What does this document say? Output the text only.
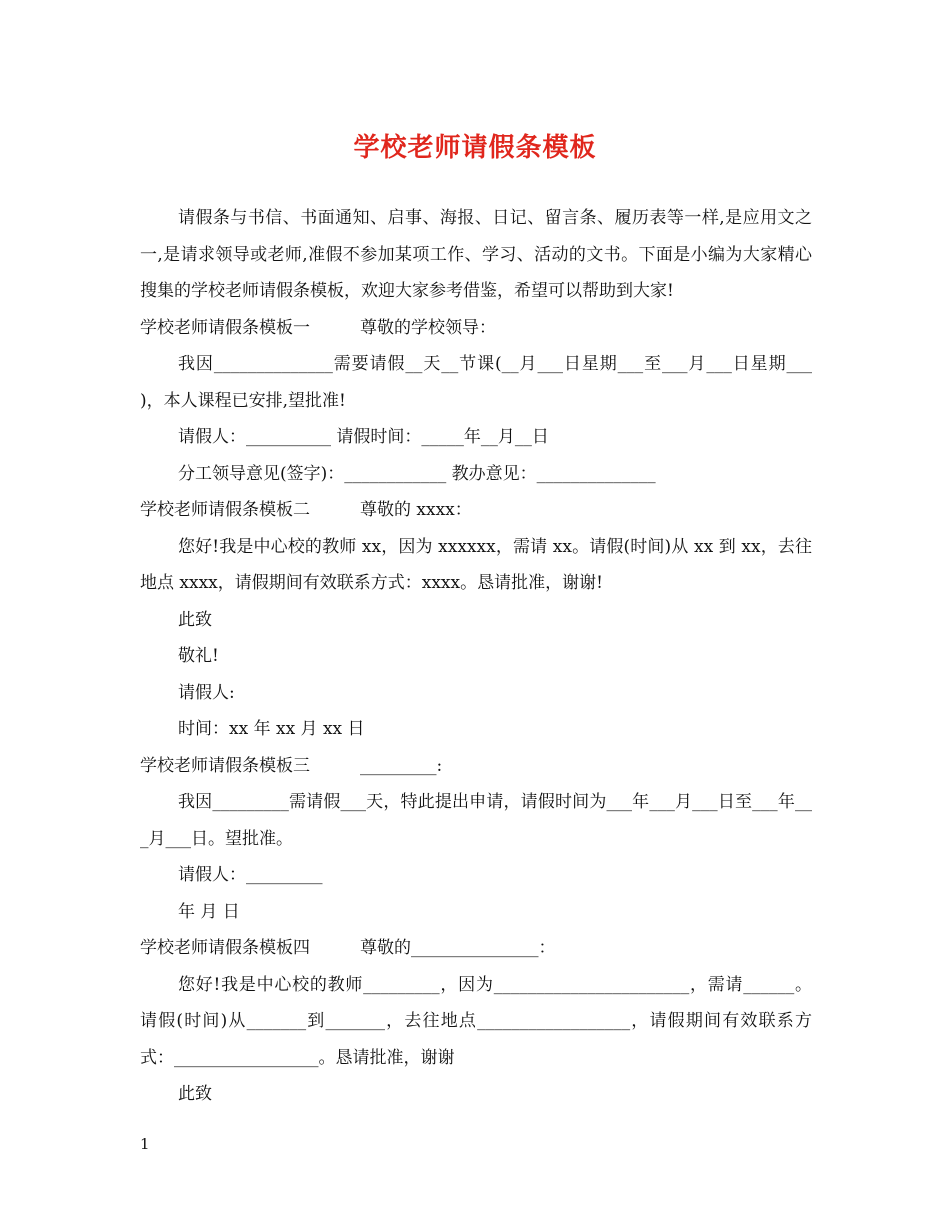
学校老师请假条模板

请假条与书信、书面通知、启事、海报、日记、留言条、履历表等一样,是应用文之一,是请求领导或老师,准假不参加某项工作、学习、活动的文书。下面是小编为大家精心搜集的学校老师请假条模板，欢迎大家参考借鉴，希望可以帮助到大家!

学校老师请假条模板一	尊敬的学校领导：

我因______________需要请假__天__节课(__月___日星期___至___月___日星期___ )，本人课程已安排,望批准!

请假人：__________ 请假时间：_____年__月__日

分工领导意见(签字)：____________ 教办意见：______________

学校老师请假条模板二	尊敬的 xxxx：

您好!我是中心校的教师 xx，因为 xxxxxx，需请 xx。请假(时间)从 xx 到 xx，去往地点 xxxx，请假期间有效联系方式：xxxx。恳请批准，谢谢!

此致

敬礼!

请假人:

时间：xx 年 xx 月 xx 日

学校老师请假条模板三	_________:

我因_________需请假___天，特此提出申请，请假时间为___年___月___日至___年___月___日。望批准。

请假人：_________

年 月 日

学校老师请假条模板四	尊敬的_______________：

您好!我是中心校的教师_________，因为_______________________，需请______。请假(时间)从_______到_______，去往地点__________________，请假期间有效联系方式：_________________。恳请批准，谢谢

此致

1
